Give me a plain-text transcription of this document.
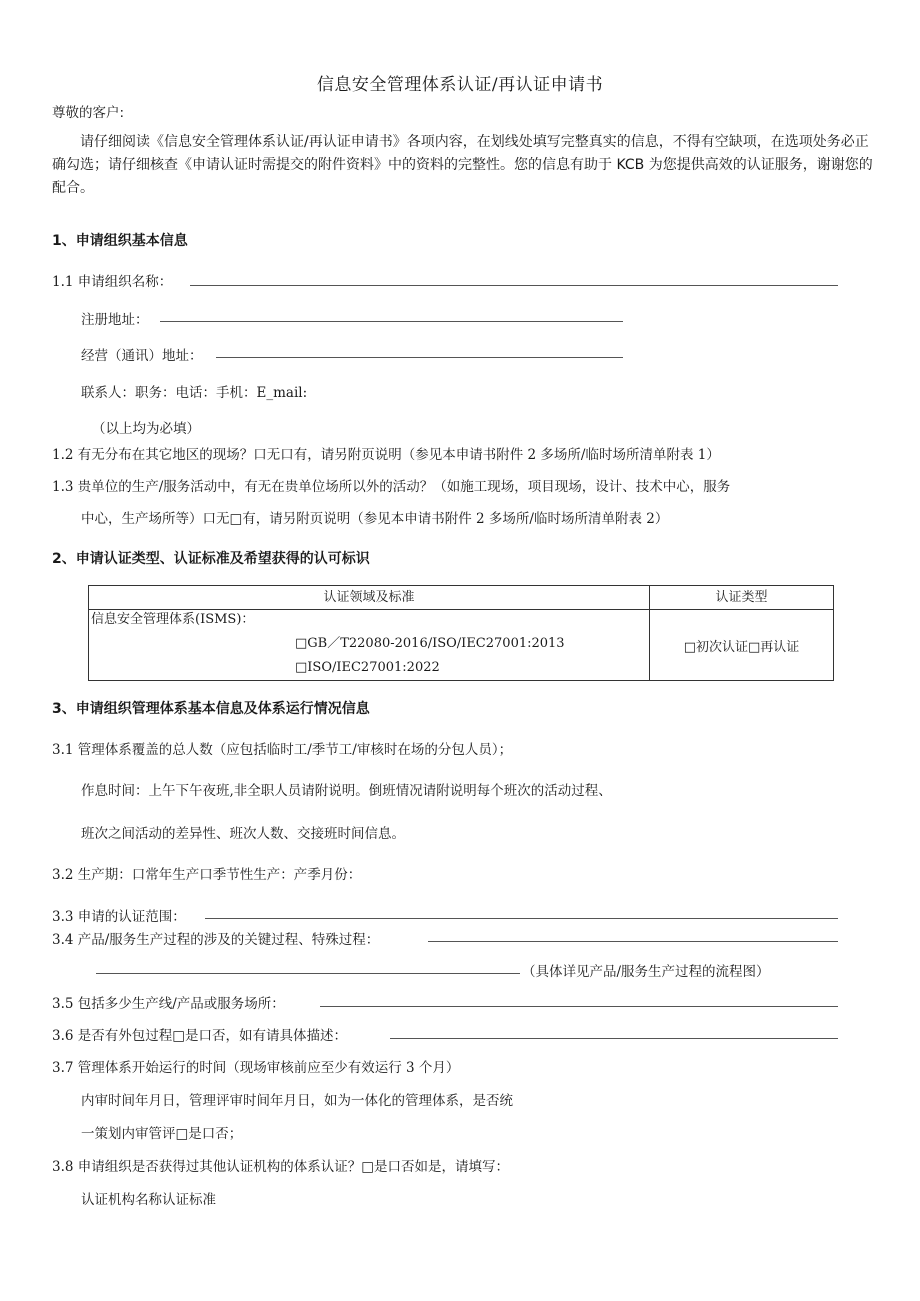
信息安全管理体系认证/再认证申请书
尊敬的客户:
请仔细阅读《信息安全管理体系认证/再认证申请书》各项内容，在划线处填写完整真实的信息，不得有空缺项，在选项处务必正确勾选；请仔细核查《申请认证时需提交的附件资料》中的资料的完整性。您的信息有助于 KCB 为您提供高效的认证服务，谢谢您的配合。
1、申请组织基本信息
1.1 申请组织名称：
注册地址：
经营（通讯）地址：
联系人：职务：电话：手机：E_mail:
（以上均为必填）
1.2 有无分布在其它地区的现场？口无口有，请另附页说明（参见本申请书附件 2 多场所/临时场所清单附表 1）
1.3 贵单位的生产/服务活动中，有无在贵单位场所以外的活动？（如施工现场，项目现场，设计、技术中心，服务
中心，生产场所等）口无□有，请另附页说明（参见本申请书附件 2 多场所/临时场所清单附表 2）
2、申请认证类型、认证标准及希望获得的认可标识
认证领域及标准	认证类型

信息安全管理体系(ISMS)：
□GB／T22080-2016/ISO/IEC27001:2013
□ISO/IEC27001:2022	□初次认证□再认证
3、申请组织管理体系基本信息及体系运行情况信息
3.1 管理体系覆盖的总人数（应包括临时工/季节工/审核时在场的分包人员）；
作息时间：上午下午夜班,非全职人员请附说明。倒班情况请附说明每个班次的活动过程、
班次之间活动的差异性、班次人数、交接班时间信息。
3.2 生产期：口常年生产口季节性生产：产季月份：
3.3 申请的认证范围：
3.4 产品/服务生产过程的涉及的关键过程、特殊过程：
（具体详见产品/服务生产过程的流程图）
3.5 包括多少生产线/产品或服务场所：
3.6 是否有外包过程□是口否，如有请具体描述：
3.7 管理体系开始运行的时间（现场审核前应至少有效运行 3 个月）
内审时间年月日，管理评审时间年月日，如为一体化的管理体系，是否统
一策划内审管评□是口否；
3.8 申请组织是否获得过其他认证机构的体系认证？□是口否如是，请填写：
认证机构名称认证标准
